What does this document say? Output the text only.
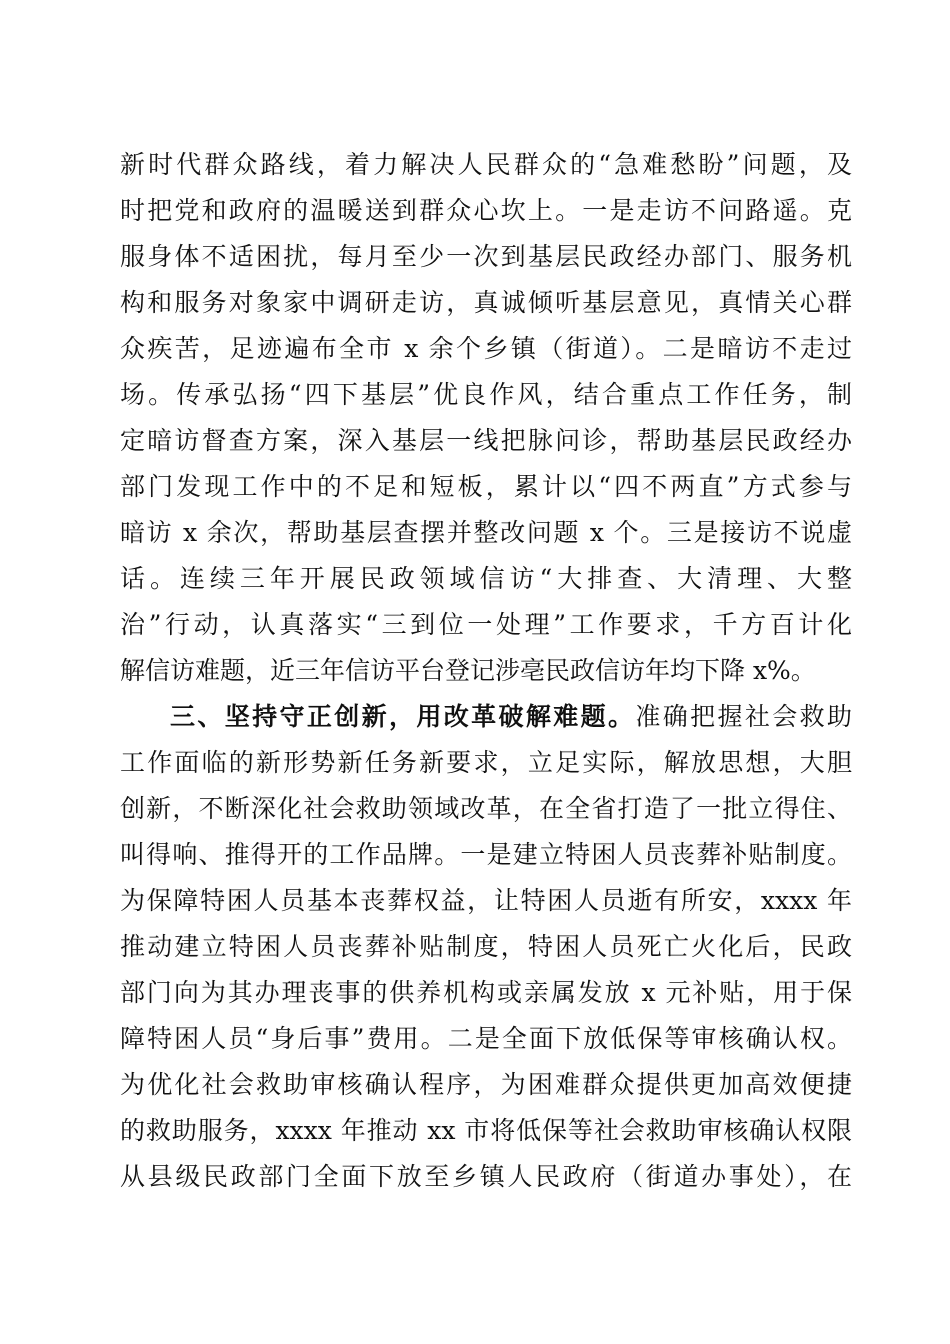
新时代群众路线，着力解决人民群众的“急难愁盼”问题，及
时把党和政府的温暖送到群众心坎上。一是走访不问路遥。克
服身体不适困扰，每月至少一次到基层民政经办部门、服务机
构和服务对象家中调研走访，真诚倾听基层意见，真情关心群
众疾苦，足迹遍布全市 x 余个乡镇（街道）。二是暗访不走过
场。传承弘扬“四下基层”优良作风，结合重点工作任务，制
定暗访督查方案，深入基层一线把脉问诊，帮助基层民政经办
部门发现工作中的不足和短板，累计以“四不两直”方式参与
暗访 x 余次，帮助基层查摆并整改问题 x 个。三是接访不说虚
话。连续三年开展民政领域信访“大排查、大清理、大整
治”行动，认真落实“三到位一处理”工作要求，千方百计化
解信访难题，近三年信访平台登记涉亳民政信访年均下降 x%。
三、坚持守正创新，用改革破解难题。准确把握社会救助
工作面临的新形势新任务新要求，立足实际，解放思想，大胆
创新，不断深化社会救助领域改革，在全省打造了一批立得住、
叫得响、推得开的工作品牌。一是建立特困人员丧葬补贴制度。
为保障特困人员基本丧葬权益，让特困人员逝有所安，xxxx 年
推动建立特困人员丧葬补贴制度，特困人员死亡火化后，民政
部门向为其办理丧事的供养机构或亲属发放 x 元补贴，用于保
障特困人员“身后事”费用。二是全面下放低保等审核确认权。
为优化社会救助审核确认程序，为困难群众提供更加高效便捷
的救助服务，xxxx 年推动 xx 市将低保等社会救助审核确认权限
从县级民政部门全面下放至乡镇人民政府（街道办事处），在
